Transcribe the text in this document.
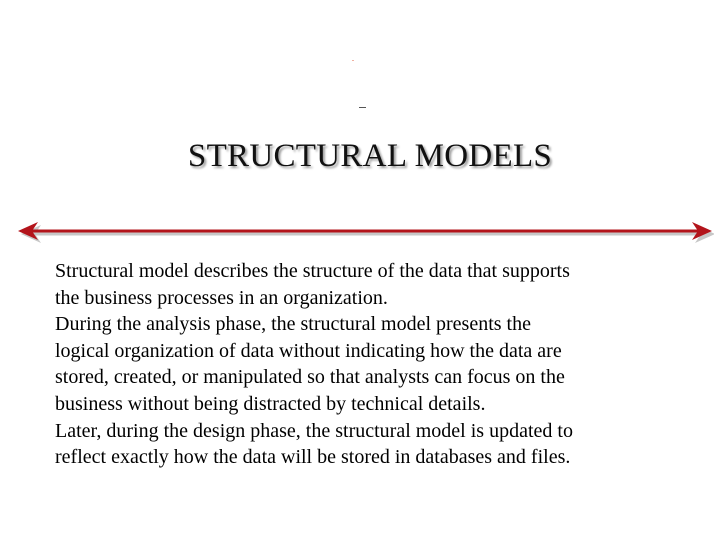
STRUCTURAL MODELS

Structural model describes the structure of the data that supports

the business processes in an organization.

During the analysis phase, the structural model presents the

logical organization of data without indicating how the data are

stored, created, or manipulated so that analysts can focus on the

business without being distracted by technical details.

Later, during the design phase, the structural model is updated to

reflect exactly how the data will be stored in databases and files.
